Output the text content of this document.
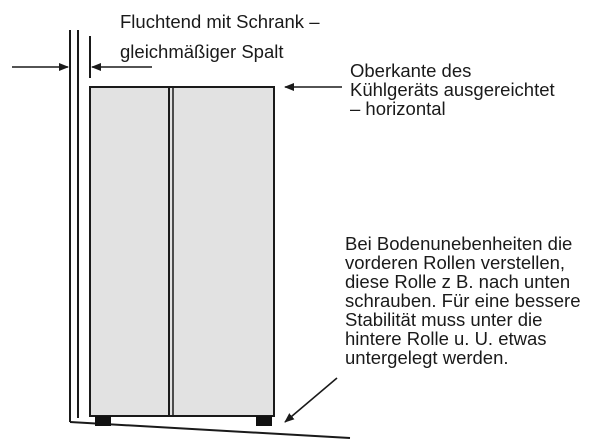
Fluchtend mit Schrank –
gleichmäßiger Spalt
Oberkante des
Kühlgeräts ausgereichtet
– horizontal
Bei Bodenunebenheiten die
vorderen Rollen verstellen,
diese Rolle z B. nach unten
schrauben. Für eine bessere
Stabilität muss unter die
hintere Rolle u. U. etwas
untergelegt werden.
